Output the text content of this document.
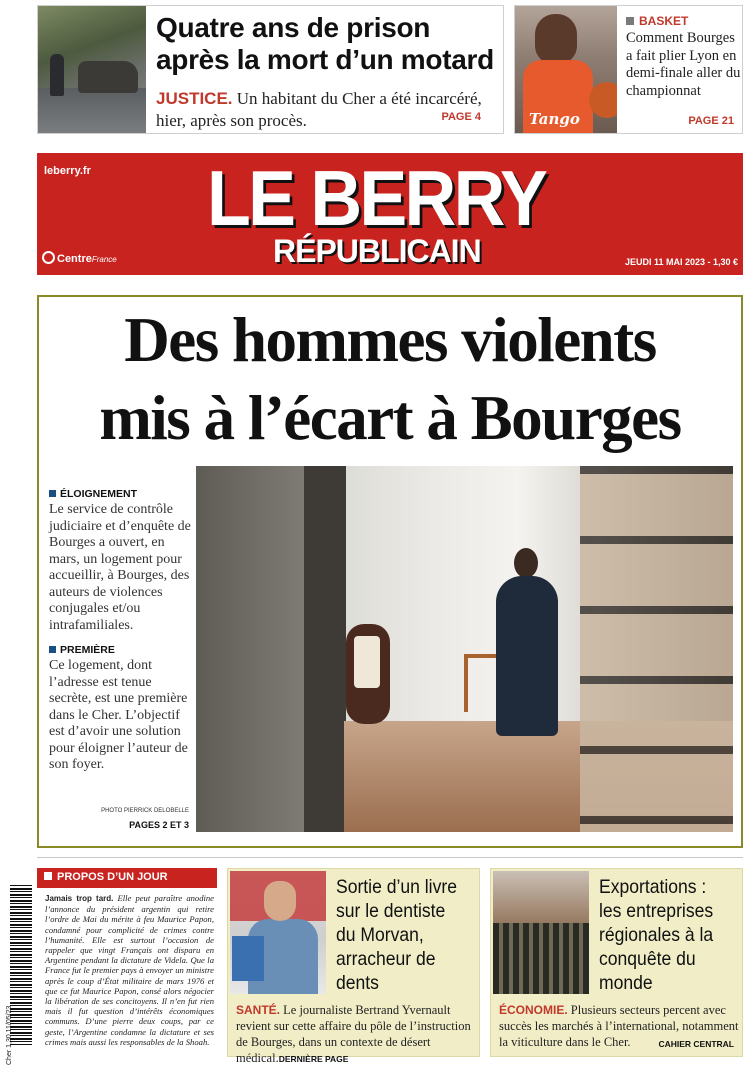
Quatre ans de prison après la mort d’un motard
JUSTICE. Un habitant du Cher a été incarcéré, hier, après son procès.	PAGE 4	Tango
BASKET
Comment Bourges a fait plier Lyon en demi-finale aller du championnat
PAGE 21
leberry.fr LE BERRY
RÉPUBLICAIN
CentreFrance	JEUDI 11 MAI 2023 - 1,30 €
Des hommes violents
mis à l’écart à Bourges
ÉLOIGNEMENT
Le service de contrôle judiciaire et d’enquête de Bourges a ouvert, en mars, un logement pour accueillir, à Bourges, des auteurs de violences conjugales et/ou intrafamiliales.
PREMIÈRE
Ce logement, dont l’adresse est tenue secrète, est une première dans le Cher. L’objectif est d’avoir une solution pour éloigner l’auteur de son foyer.
PHOTO PIERRICK DELOBELLE
PAGES 2 ET 3
Cher 1,30 11/05/23
PROPOS D’UN JOUR
Jamais trop tard. Elle peut paraître anodine l’annonce du président argentin qui retire l’ordre de Mai du mérite à feu Maurice Papon, condamné pour complicité de crimes contre l’humanité. Elle est surtout l’occasion de rappeler que vingt Français ont disparu en Argentine pendant la dictature de Videla. Que la France fut le premier pays à envoyer un ministre après le coup d’État militaire de mars 1976 et que ce fut Maurice Papon, consé alors négocier la libération de ses concitoyens. Il n’en fut rien mais il fut question d’intérêts économiques communs. D’une pierre deux coups, par ce geste, l’Argentine condamne la dictature et ses crimes mais aussi les responsables de la Shoah.
Sortie d’un livre sur le dentiste du Morvan, arracheur de dents
SANTÉ. Le journaliste Bertrand Yvernault revient sur cette affaire du pôle de l’instruction de Bourges, dans un contexte de désert médical.DERNIÈRE PAGE
Exportations : les entreprises régionales à la conquête du monde
ÉCONOMIE. Plusieurs secteurs percent avec succès les marchés à l’international, notamment la viticulture dans le Cher.	CAHIER CENTRAL
